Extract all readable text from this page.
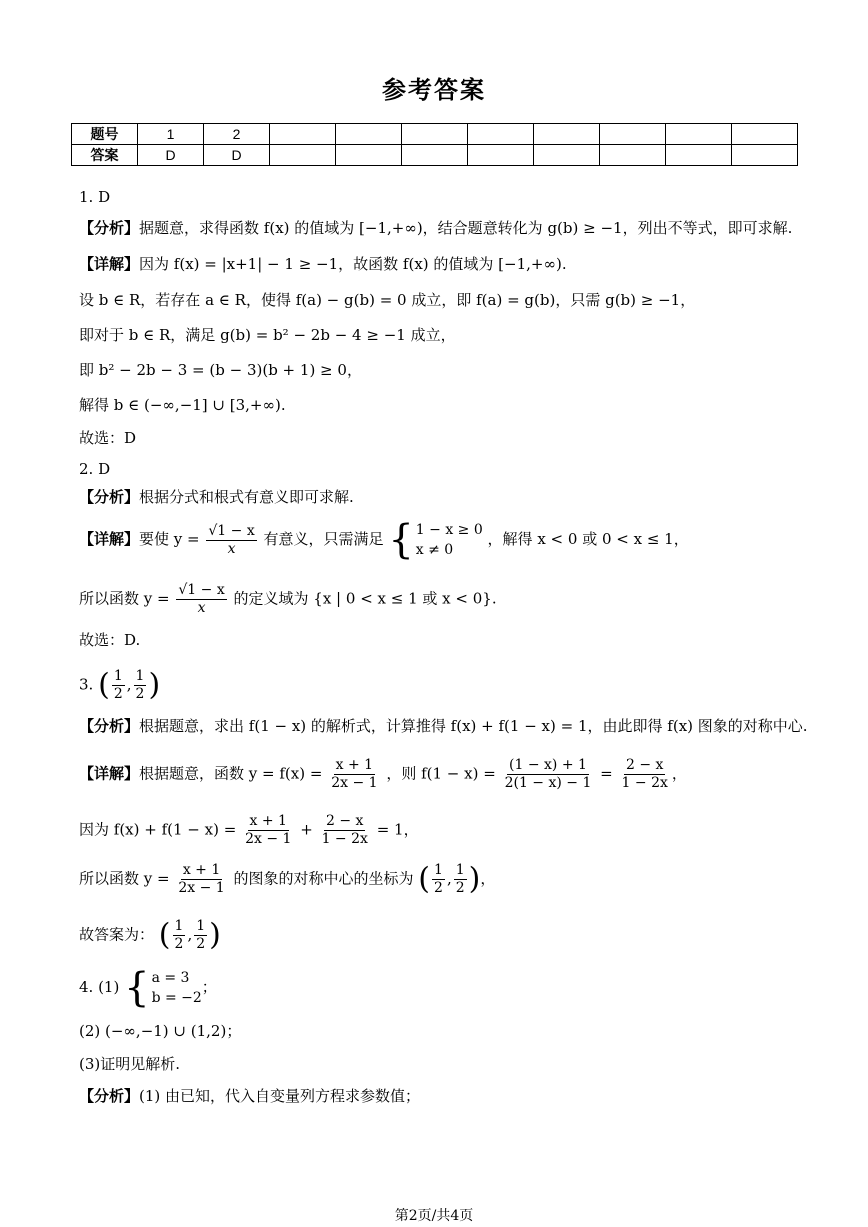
参考答案
题号	1	2								
答案	D	D								
1. D
【分析】据题意，求得函数 f(x) 的值域为 [−1,+∞)，结合题意转化为 g(b) ≥ −1，列出不等式，即可求解.
【详解】因为 f(x) = |x+1| − 1 ≥ −1，故函数 f(x) 的值域为 [−1,+∞).
设 b ∈ R，若存在 a ∈ R，使得 f(a) − g(b) = 0 成立，即 f(a) = g(b)，只需 g(b) ≥ −1，
即对于 b ∈ R，满足 g(b) = b² − 2b − 4 ≥ −1 成立，
即 b² − 2b − 3 = (b − 3)(b + 1) ≥ 0，
解得 b ∈ (−∞,−1] ∪ [3,+∞).
故选：D
2. D
【分析】根据分式和根式有意义即可求解.
【详解】要使 $y = \frac{√1 - x}{x}$ 有意义，只需满足 { 1 − x ≥ 0
x ≠ 0
，解得 x < 0 或 0 < x ≤ 1，
所以函数 $y = \frac{√1 - x}{x}$ 的定义域为 {x | 0 < x ≤ 1 或 x < 0}.
故选：D.
3. ( $\frac{1}{2}$ , $\frac{1}{2}$ )
【分析】根据题意，求出 f(1 − x) 的解析式，计算推得 f(x) + f(1 − x) = 1，由此即得 f(x) 图象的对称中心.
【详解】根据题意，函数 $y = f(x) = \frac{x + 1}{2x - 1}$ ，则 $f(1 - x) = \frac{(1 - x) + 1}{2(1 - x) - 1} = \frac{2 - x}{1 - 2x}$ ，
因为 $f(x) + f(1 - x) = \frac{x + 1}{2x - 1} + \frac{2 - x}{1 - 2x} = 1$，
所以函数 $y = \frac{x + 1}{2x - 1}$ 的图象的对称中心的坐标为 ( $\frac{1}{2}$ , $\frac{1}{2}$ )，
故答案为： ( $\frac{1}{2}$ , $\frac{1}{2}$ )
4. (1) { a = 3
b = −2
；
(2) (−∞,−1) ∪ (1,2)；
(3)证明见解析.
【分析】(1) 由已知，代入自变量列方程求参数值；
第2页/共4页
